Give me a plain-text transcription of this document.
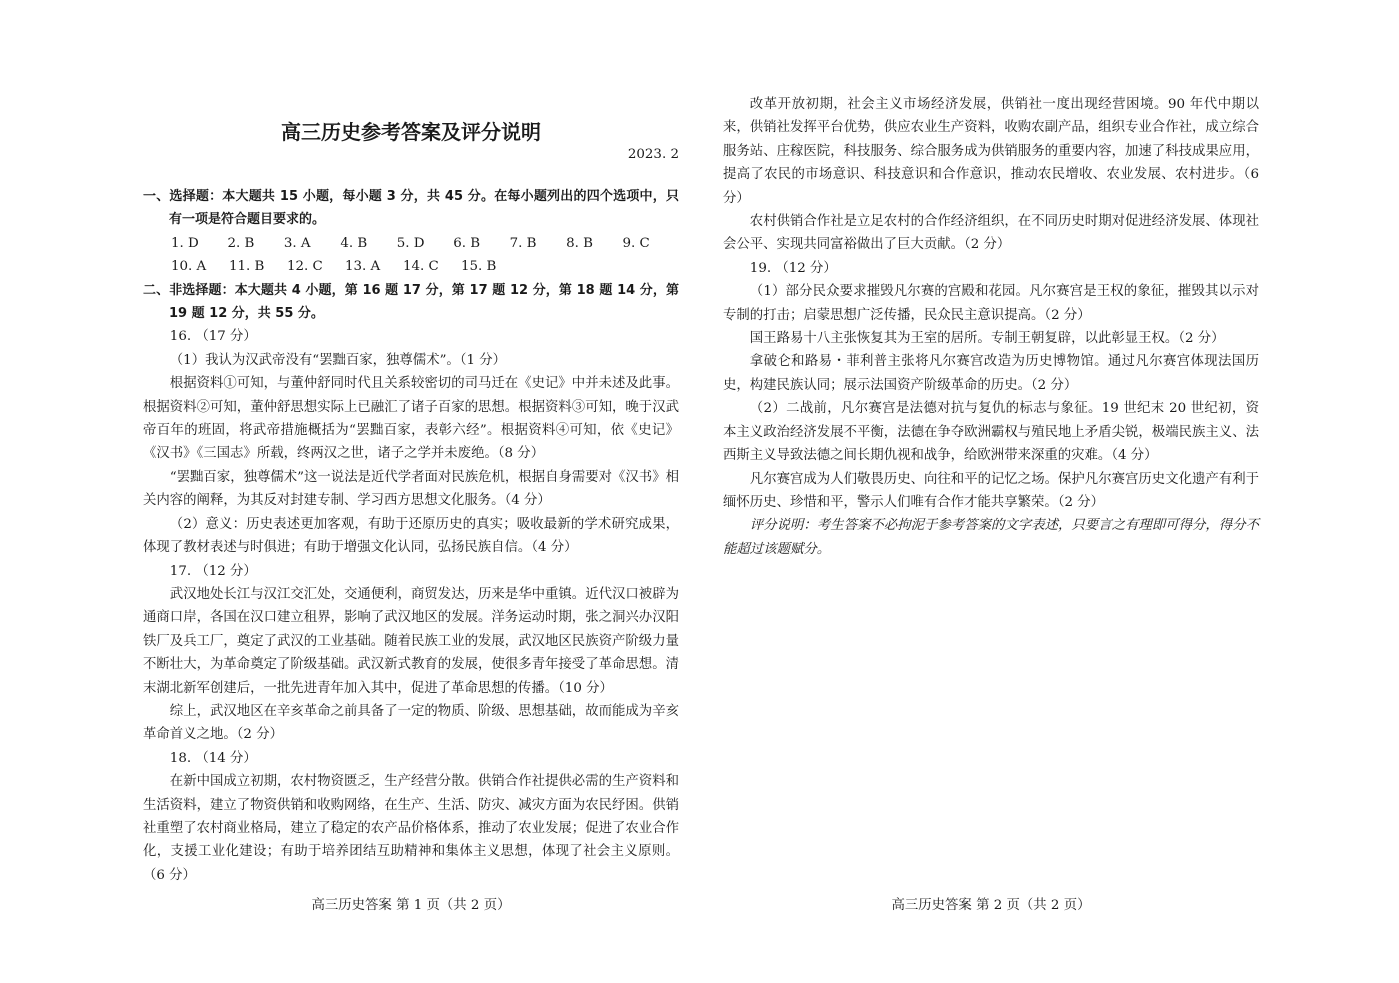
高三历史参考答案及评分说明
2023. 2

一、选择题：本大题共 15 小题，每小题 3 分，共 45 分。在每小题列出的四个选项中，只有一项是符合题目要求的。

1. D	2. B	3. A	4. B	5. D	6. B	7. B	8. B	9. C
10. A	11. B	12. C	13. A	14. C	15. B

二、非选择题：本大题共 4 小题，第 16 题 17 分，第 17 题 12 分，第 18 题 14 分，第 19 题 12 分，共 55 分。

16. （17 分）

（1）我认为汉武帝没有“罢黜百家，独尊儒术”。（1 分）

根据资料①可知，与董仲舒同时代且关系较密切的司马迁在《史记》中并未述及此事。根据资料②可知，董仲舒思想实际上已融汇了诸子百家的思想。根据资料③可知，晚于汉武帝百年的班固，将武帝措施概括为“罢黜百家，表彰六经”。根据资料④可知，依《史记》《汉书》《三国志》所载，终两汉之世，诸子之学并未废绝。（8 分）

“罢黜百家，独尊儒术”这一说法是近代学者面对民族危机，根据自身需要对《汉书》相关内容的阐释，为其反对封建专制、学习西方思想文化服务。（4 分）

（2）意义：历史表述更加客观，有助于还原历史的真实；吸收最新的学术研究成果，体现了教材表述与时俱进；有助于增强文化认同，弘扬民族自信。（4 分）

17. （12 分）

武汉地处长江与汉江交汇处，交通便利，商贸发达，历来是华中重镇。近代汉口被辟为通商口岸，各国在汉口建立租界，影响了武汉地区的发展。洋务运动时期，张之洞兴办汉阳铁厂及兵工厂，奠定了武汉的工业基础。随着民族工业的发展，武汉地区民族资产阶级力量不断壮大，为革命奠定了阶级基础。武汉新式教育的发展，使很多青年接受了革命思想。清末湖北新军创建后，一批先进青年加入其中，促进了革命思想的传播。（10 分）

综上，武汉地区在辛亥革命之前具备了一定的物质、阶级、思想基础，故而能成为辛亥革命首义之地。（2 分）

18. （14 分）

在新中国成立初期，农村物资匮乏，生产经营分散。供销合作社提供必需的生产资料和生活资料，建立了物资供销和收购网络，在生产、生活、防灾、减灾方面为农民纾困。供销社重塑了农村商业格局，建立了稳定的农产品价格体系，推动了农业发展；促进了农业合作化，支援工业化建设；有助于培养团结互助精神和集体主义思想，体现了社会主义原则。（6 分）

高三历史答案 第 1 页（共 2 页）

改革开放初期，社会主义市场经济发展，供销社一度出现经营困境。90 年代中期以来，供销社发挥平台优势，供应农业生产资料，收购农副产品，组织专业合作社，成立综合服务站、庄稼医院，科技服务、综合服务成为供销服务的重要内容，加速了科技成果应用，提高了农民的市场意识、科技意识和合作意识，推动农民增收、农业发展、农村进步。（6 分）

农村供销合作社是立足农村的合作经济组织，在不同历史时期对促进经济发展、体现社会公平、实现共同富裕做出了巨大贡献。（2 分）

19. （12 分）

（1）部分民众要求摧毁凡尔赛的宫殿和花园。凡尔赛宫是王权的象征，摧毁其以示对专制的打击；启蒙思想广泛传播，民众民主意识提高。（2 分）

国王路易十八主张恢复其为王室的居所。专制王朝复辟，以此彰显王权。（2 分）

拿破仑和路易・菲利普主张将凡尔赛宫改造为历史博物馆。通过凡尔赛宫体现法国历史，构建民族认同；展示法国资产阶级革命的历史。（2 分）

（2）二战前，凡尔赛宫是法德对抗与复仇的标志与象征。19 世纪末 20 世纪初，资本主义政治经济发展不平衡，法德在争夺欧洲霸权与殖民地上矛盾尖锐，极端民族主义、法西斯主义导致法德之间长期仇视和战争，给欧洲带来深重的灾难。（4 分）

凡尔赛宫成为人们敬畏历史、向往和平的记忆之场。保护凡尔赛宫历史文化遗产有利于缅怀历史、珍惜和平，警示人们唯有合作才能共享繁荣。（2 分）

评分说明：考生答案不必拘泥于参考答案的文字表述，只要言之有理即可得分，得分不能超过该题赋分。

高三历史答案 第 2 页（共 2 页）
